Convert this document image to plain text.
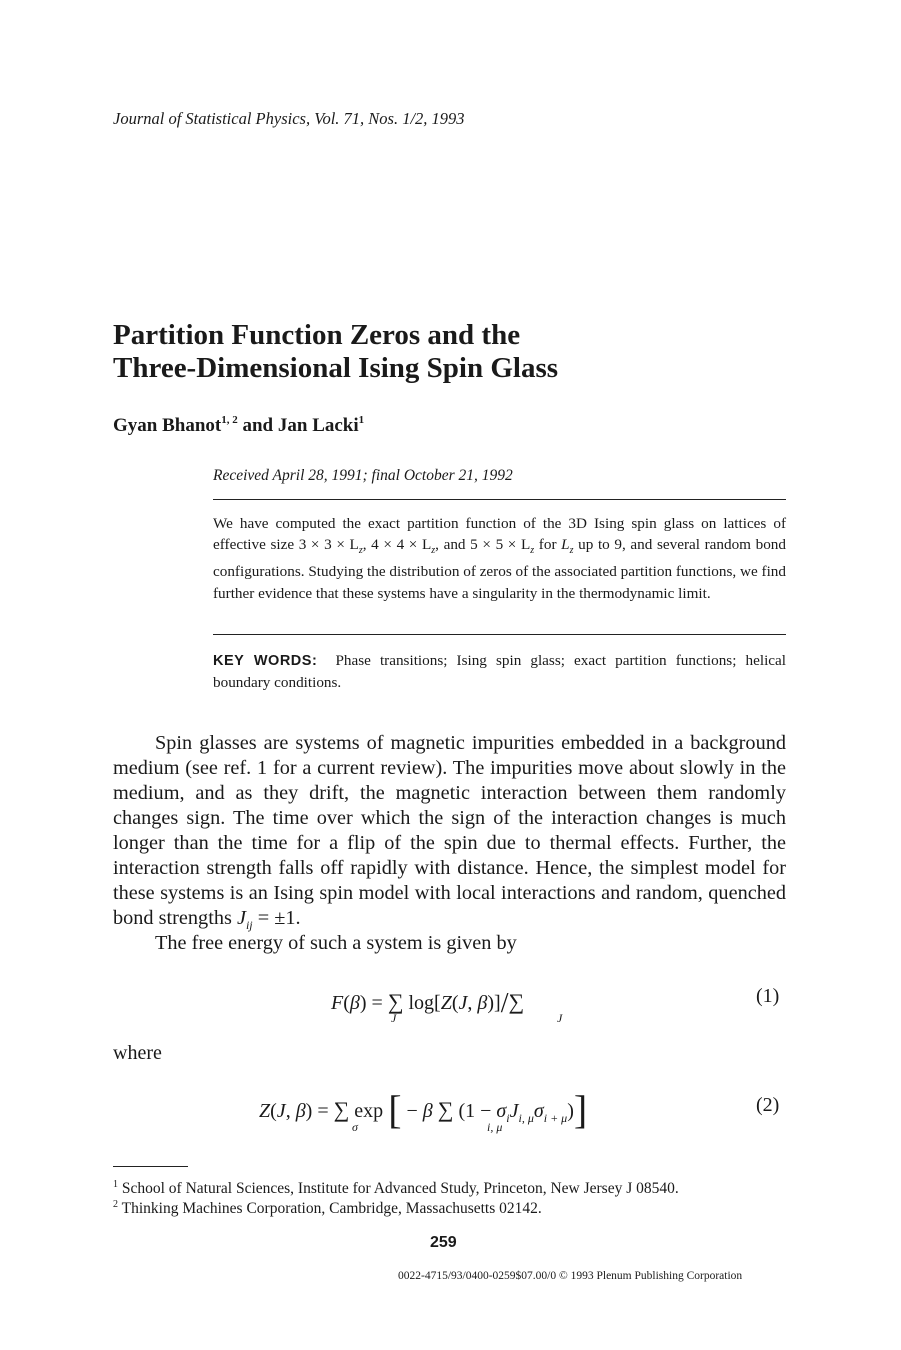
Journal of Statistical Physics, Vol. 71, Nos. 1/2, 1993
Partition Function Zeros and the
Three-Dimensional Ising Spin Glass
Gyan Bhanot$^{1, 2}$ and Jan Lacki$^1$
Received April 28, 1991; final October 21, 1992
We have computed the exact partition function of the 3D Ising spin glass on lattices of effective size $3 \times 3 \times L_z$, $4 \times 4 \times L_z$, and $5 \times 5 \times L_z$ for $L_z$ up to 9, and several random bond configurations. Studying the distribution of zeros of the associated partition functions, we find further evidence that these systems have a singularity in the thermodynamic limit.
KEY WORDS: Phase transitions; Ising spin glass; exact partition functions; helical boundary conditions.
Spin glasses are systems of magnetic impurities embedded in a background medium (see ref. 1 for a current review). The impurities move about slowly in the medium, and as they drift, the magnetic interaction between them randomly changes sign. The time over which the sign of the interaction changes is much longer than the time for a flip of the spin due to thermal effects. Further, the interaction strength falls off rapidly with distance. Hence, the simplest model for these systems is an Ising spin model with local interactions and random, quenched bond strengths $J_{ij} = \pm 1$.
The free energy of such a system is given by
F(β) = ∑ log[Z(J, β)]/∑
J	J
(1)
where
Z(J, β) = ∑ exp [ − β ∑ $(1 - \sigma_iJ_{i, \mu}\sigma_{i + \mu})$]
σ	i, μ
(2)
$^1$ School of Natural Sciences, Institute for Advanced Study, Princeton, New Jersey J 08540.
$^2$ Thinking Machines Corporation, Cambridge, Massachusetts 02142.
259
0022-4715/93/0400-0259$07.00/0 © 1993 Plenum Publishing Corporation
